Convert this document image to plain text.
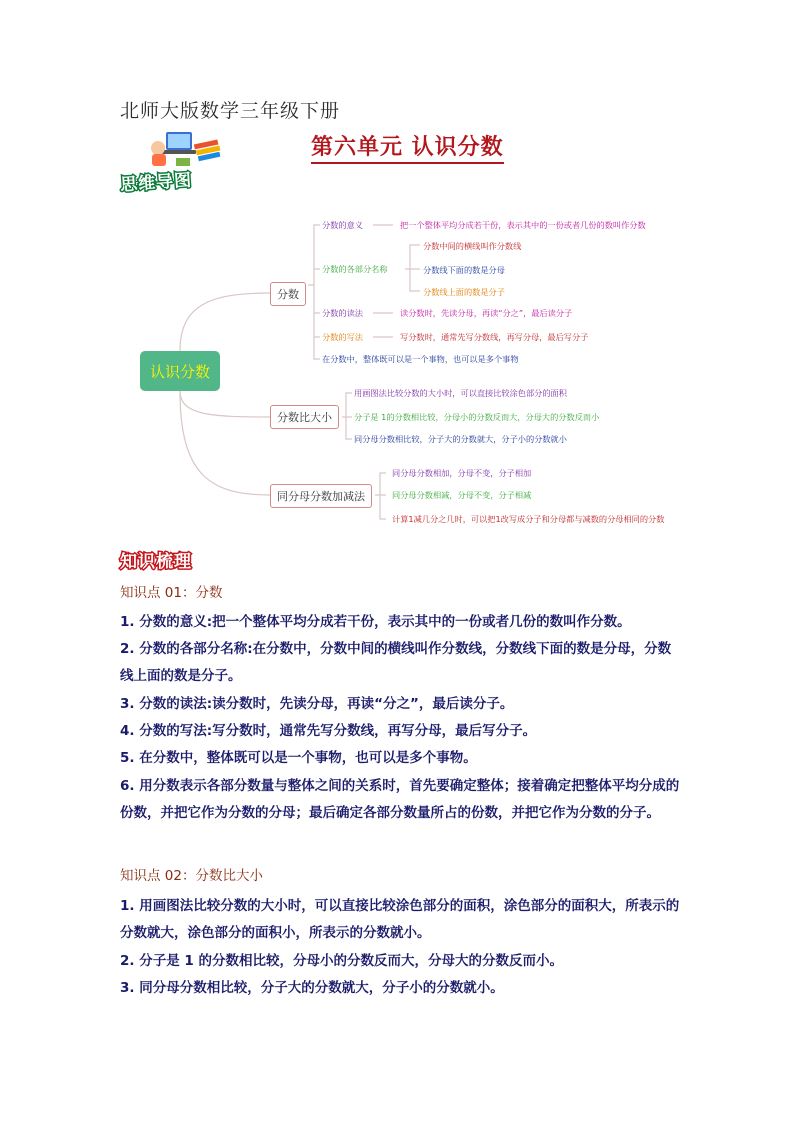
北师大版数学三年级下册
第六单元 认识分数
思维导图
认识分数
分数
分数比大小
同分母分数加减法
分数的意义	把一个整体平均分成若干份，表示其中的一份或者几份的数叫作分数
分数的各部分名称
分数中间的横线叫作分数线
分数线下面的数是分母
分数线上面的数是分子
分数的读法	读分数时，先读分母，再读“分之”，最后读分子
分数的写法	写分数时，通常先写分数线，再写分母，最后写分子
在分数中，整体既可以是一个事物，也可以是多个事物
用画图法比较分数的大小时，可以直接比较涂色部分的面积
分子是 1的分数相比较，分母小的分数反而大，分母大的分数反而小
同分母分数相比较，分子大的分数就大，分子小的分数就小
同分母分数相加，分母不变，分子相加
同分母分数相减，分母不变，分子相减
计算1减几分之几时，可以把1改写成分子和分母都与减数的分母相同的分数
知识梳理
知识点 01：分数
1. 分数的意义:把一个整体平均分成若干份，表示其中的一份或者几份的数叫作分数。
2. 分数的各部分名称:在分数中，分数中间的横线叫作分数线，分数线下面的数是分母，分数线上面的数是分子。
3. 分数的读法:读分数时，先读分母，再读“分之”，最后读分子。
4. 分数的写法:写分数时，通常先写分数线，再写分母，最后写分子。
5. 在分数中，整体既可以是一个事物，也可以是多个事物。
6. 用分数表示各部分数量与整体之间的关系时，首先要确定整体；接着确定把整体平均分成的份数，并把它作为分数的分母；最后确定各部分数量所占的份数，并把它作为分数的分子。
知识点 02：分数比大小
1. 用画图法比较分数的大小时，可以直接比较涂色部分的面积，涂色部分的面积大，所表示的分数就大，涂色部分的面积小，所表示的分数就小。
2. 分子是 1 的分数相比较，分母小的分数反而大，分母大的分数反而小。
3. 同分母分数相比较，分子大的分数就大，分子小的分数就小。
